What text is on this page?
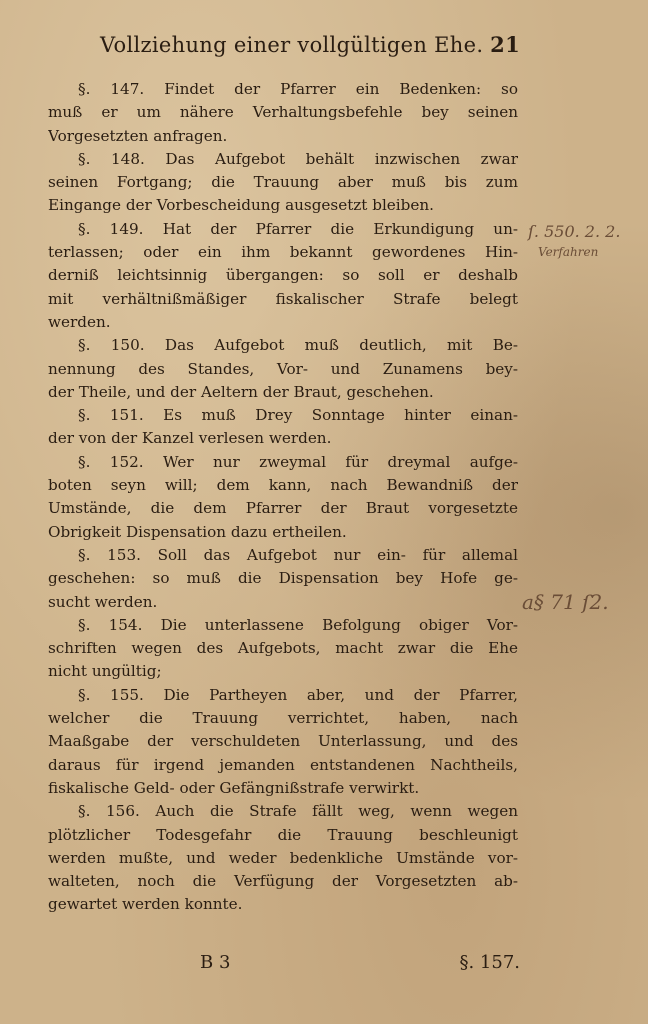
Vollziehung einer vollgültigen Ehe. 21
§. 147. Findet der Pfarrer ein Bedenken: so
muß er um nähere Verhaltungsbefehle bey seinen
Vorgesetzten anfragen.
§. 148. Das Aufgebot behält inzwischen zwar
seinen Fortgang; die Trauung aber muß bis zum
Eingange der Vorbescheidung ausgesetzt bleiben.
§. 149. Hat der Pfarrer die Erkundigung un-
terlassen; oder ein ihm bekannt gewordenes Hin-
derniß leichtsinnig übergangen: so soll er deshalb
mit verhältnißmäßiger fiskalischer Strafe belegt
werden.
§. 150. Das Aufgebot muß deutlich, mit Be-
nennung des Standes, Vor- und Zunamens bey-
der Theile, und der Aeltern der Braut, geschehen.
§. 151. Es muß Drey Sonntage hinter einan-
der von der Kanzel verlesen werden.
§. 152. Wer nur zweymal für dreymal aufge-
boten seyn will; dem kann, nach Bewandniß der
Umstände, die dem Pfarrer der Braut vorgesetzte
Obrigkeit Dispensation dazu ertheilen.
§. 153. Soll das Aufgebot nur ein- für allemal
geschehen: so muß die Dispensation bey Hofe ge-
sucht werden.
§. 154. Die unterlassene Befolgung obiger Vor-
schriften wegen des Aufgebots, macht zwar die Ehe
nicht ungültig;
§. 155. Die Partheyen aber, und der Pfarrer,
welcher die Trauung verrichtet, haben, nach
Maaßgabe der verschuldeten Unterlassung, und des
daraus für irgend jemanden entstandenen Nachtheils,
fiskalische Geld- oder Gefängnißstrafe verwirkt.
§. 156. Auch die Strafe fällt weg, wenn wegen
plötzlicher Todesgefahr die Trauung beschleunigt
werden mußte, und weder bedenkliche Umstände vor-
walteten, noch die Verfügung der Vorgesetzten ab-
gewartet werden konnte.
ſ. 550. 2. 2.
Verfahren
a§ 71 ſ2.
B 3	§. 157.
